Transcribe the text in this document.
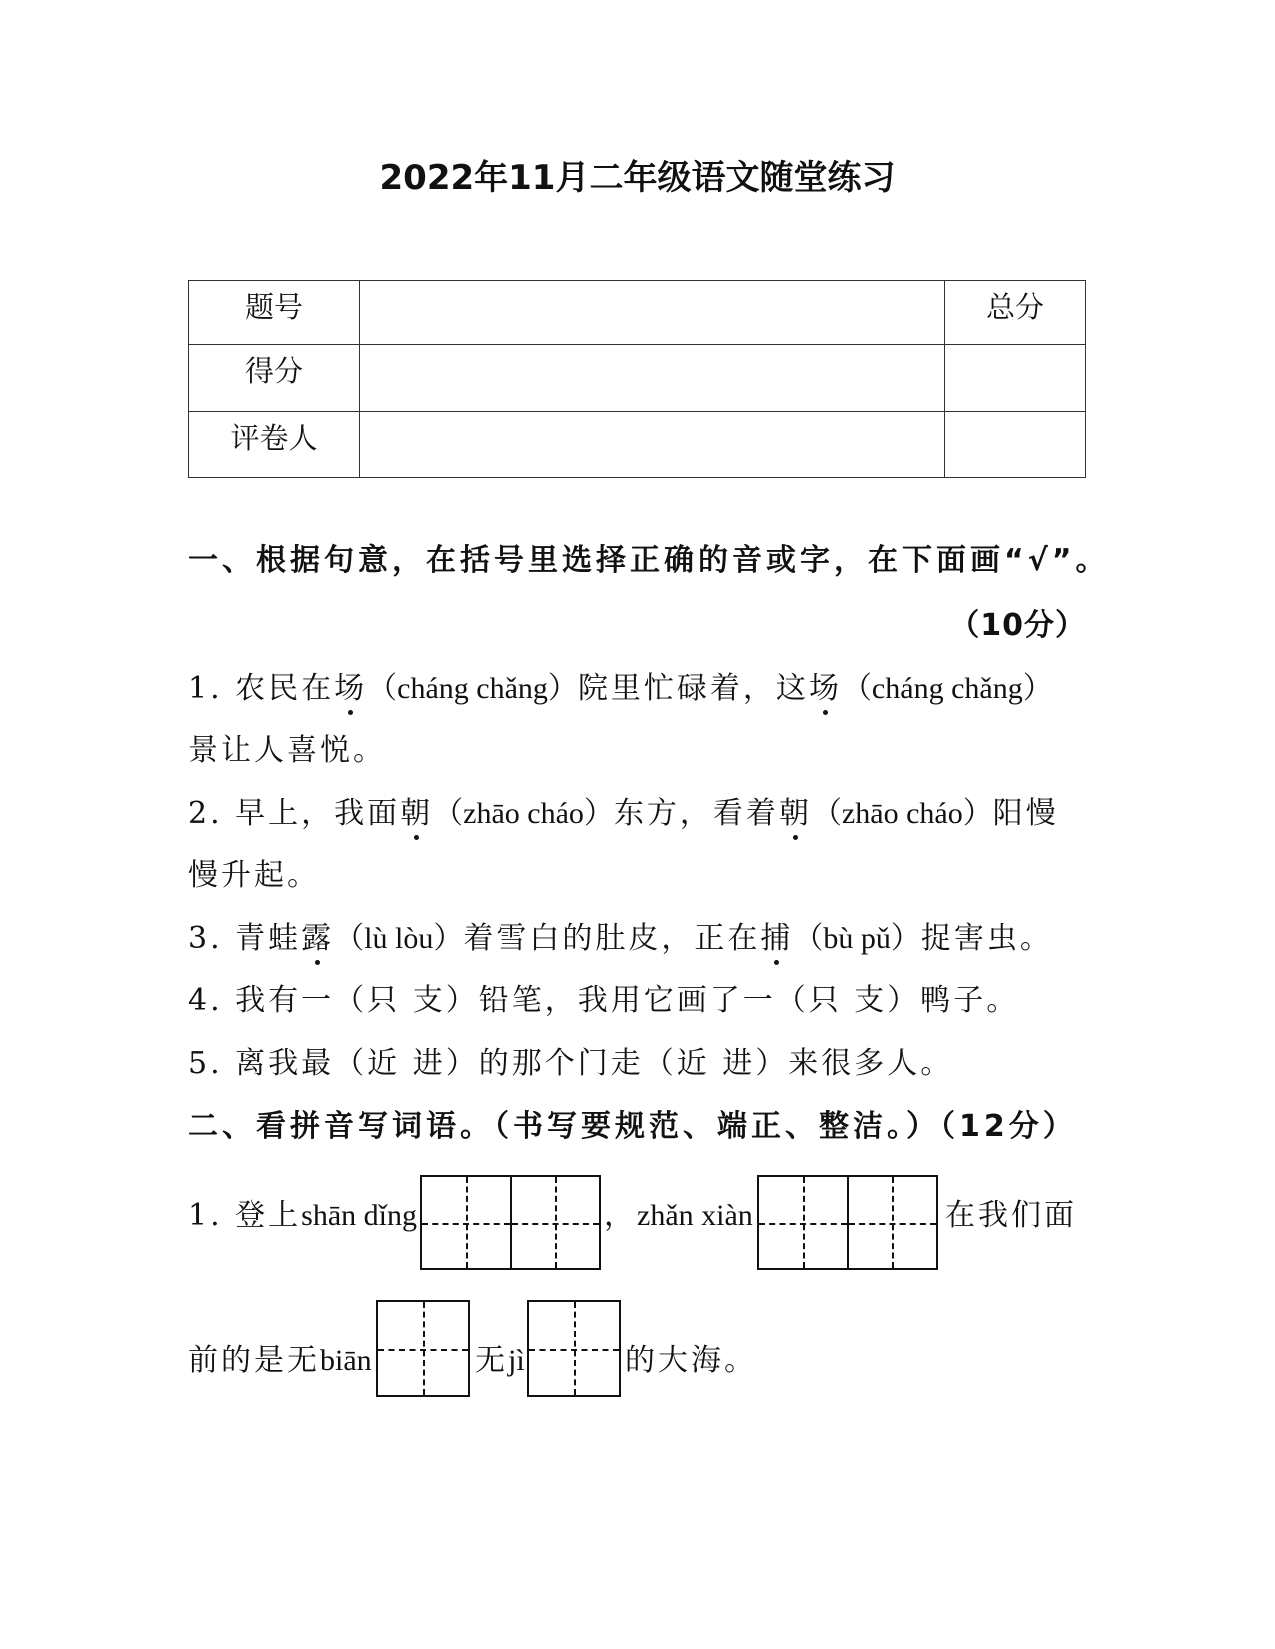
2022年11月二年级语文随堂练习
题号		总分
得分		
评卷人		
一、根据句意，在括号里选择正确的音或字，在下面画“√”。
（10分）
1. 农民在场（cháng chǎng）院里忙碌着，这场（cháng chǎng）
景让人喜悦。
2. 早上，我面朝（zhāo cháo）东方，看着朝（zhāo cháo）阳慢
慢升起。
3. 青蛙露（lù lòu）着雪白的肚皮，正在捕（bù pǔ）捉害虫。
4. 我有一（只 支）铅笔，我用它画了一（只 支）鸭子。
5. 离我最（近 进）的那个门走（近 进）来很多人。
二、看拼音写词语。（书写要规范、端正、整洁。）（12分）
1. 登上shān dǐng	，zhǎn xiàn	在我们面
前的是无biān	无jì	的大海。
